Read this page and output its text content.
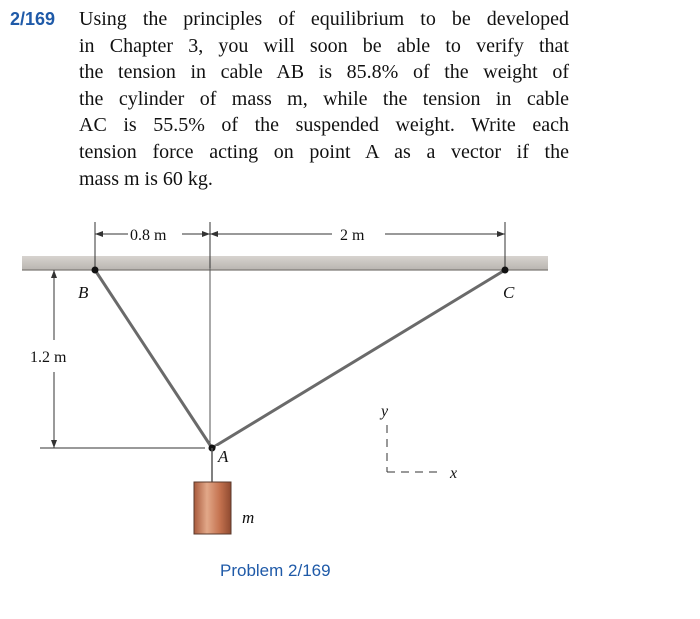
2/169 Using the principles of equilibrium to be developed
in Chapter 3, you will soon be able to verify that
the tension in cable AB is 85.8% of the weight of
the cylinder of mass m, while the tension in cable
AC is 55.5% of the suspended weight. Write each
tension force acting on point A as a vector if the
mass m is 60 kg.

0.8 m	2 m
1.2 m
B	C
A
m
y
x
Problem 2/169
